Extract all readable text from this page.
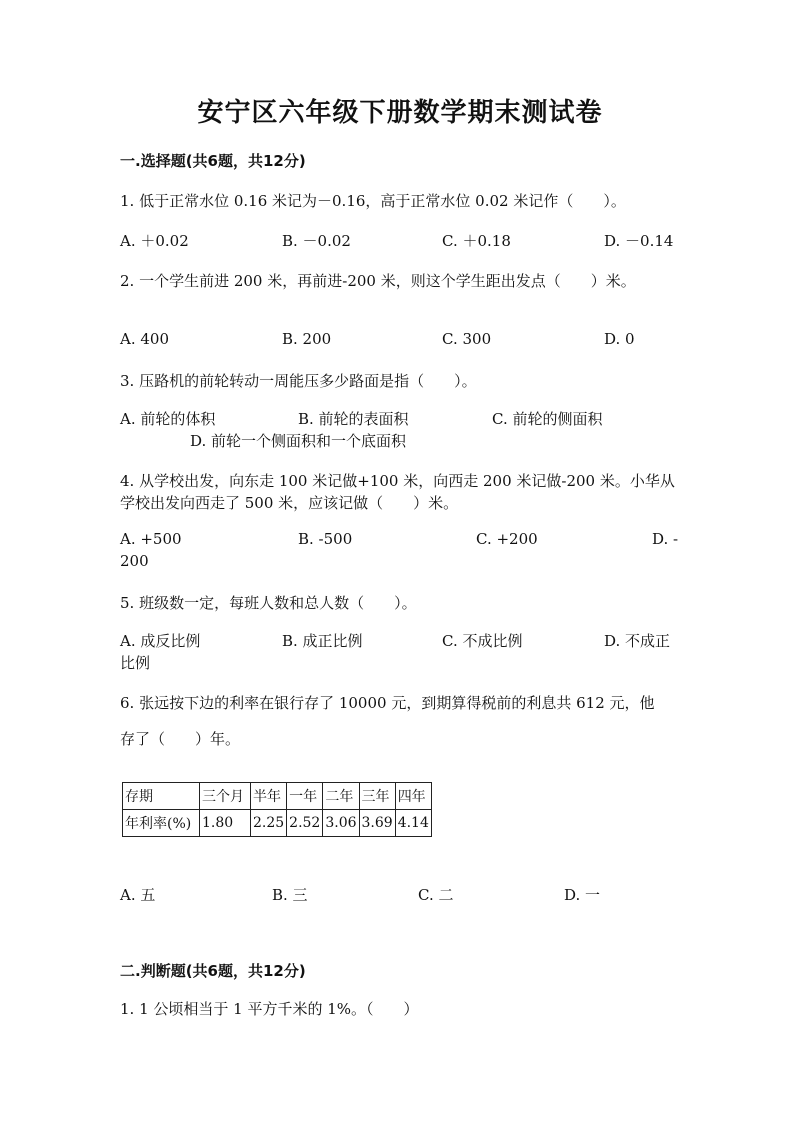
安宁区六年级下册数学期末测试卷
一.选择题(共6题，共12分)
1. 低于正常水位 0.16 米记为－0.16，高于正常水位 0.02 米记作（　　）。
A. ＋0.02	B. －0.02	C. ＋0.18	D. －0.14
2. 一个学生前进 200 米，再前进-200 米，则这个学生距出发点（　　）米。
A. 400	B. 200	C. 300	D. 0
3. 压路机的前轮转动一周能压多少路面是指（　　）。
A. 前轮的体积	B. 前轮的表面积	C. 前轮的侧面积
D. 前轮一个侧面积和一个底面积
4. 从学校出发，向东走 100 米记做+100 米，向西走 200 米记做-200 米。小华从
学校出发向西走了 500 米，应该记做（　　）米。
A. +500	B. -500	C. +200	D. -
200
5. 班级数一定，每班人数和总人数（　　）。
A. 成反比例	B. 成正比例	C. 不成比例	D. 不成正
比例
6. 张远按下边的利率在银行存了 10000 元，到期算得税前的利息共 612 元，他
存了（　　）年。
存期	三个月	半年	一年	二年	三年	四年
年利率(%)	1.80	2.25	2.52	3.06	3.69	4.14
A. 五	B. 三	C. 二	D. 一
二.判断题(共6题，共12分)
1. 1 公顷相当于 1 平方千米的 1%。（　　）
